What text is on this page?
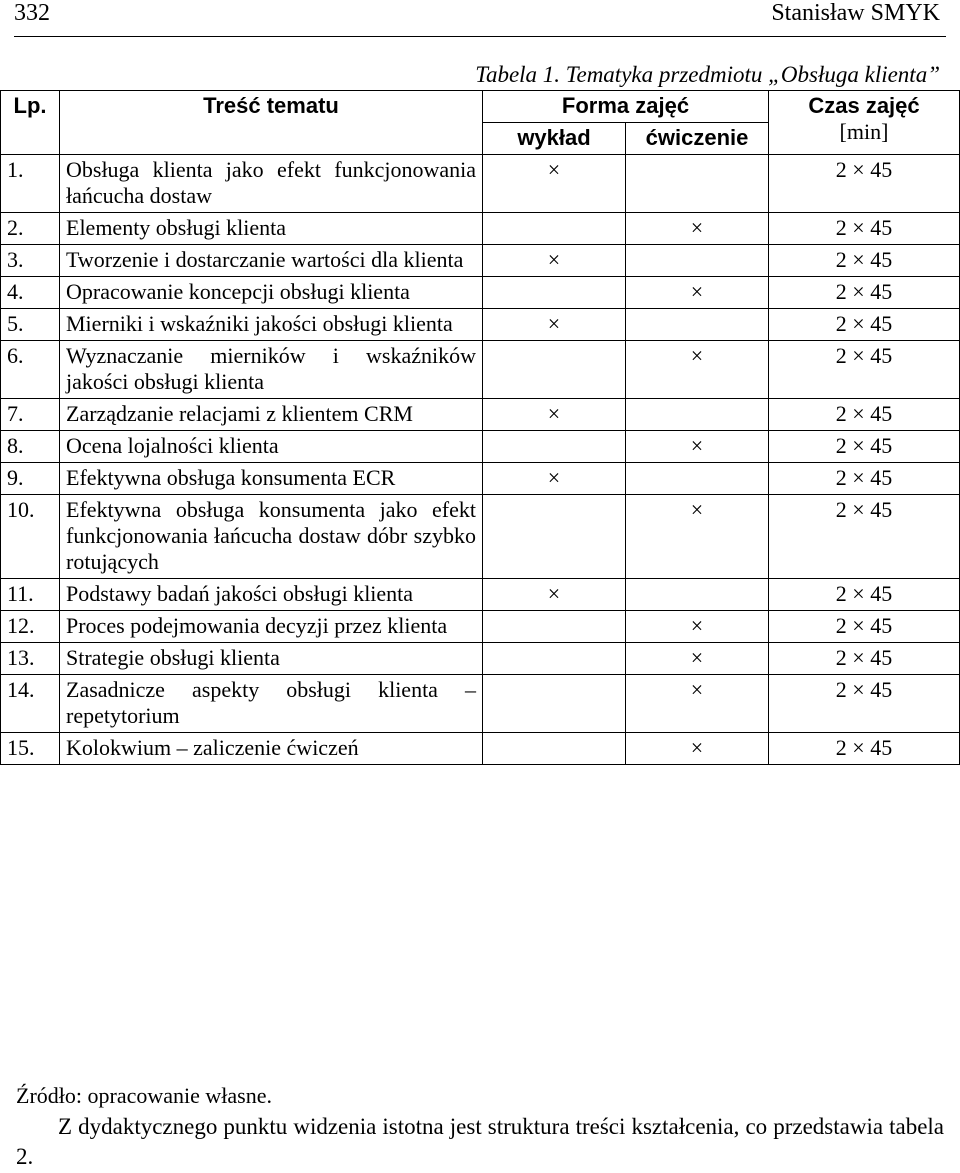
332	Stanisław SMYK
Tabela 1. Tematyka przedmiotu „Obsługa klienta”
Lp.	Treść tematu	Forma zajęć		Czas zajęć
[min]

		wykład	ćwiczenie	
1.	Obsługa klienta jako efekt funkcjonowania łańcucha dostaw	×		2 × 45
2.	Elementy obsługi klienta		×	2 × 45
3.	Tworzenie i dostarczanie wartości dla klienta	×		2 × 45
4.	Opracowanie koncepcji obsługi klienta		×	2 × 45
5.	Mierniki i wskaźniki jakości obsługi klienta	×		2 × 45
6.	Wyznaczanie mierników i wskaźników jakości obsługi klienta		×	2 × 45
7.	Zarządzanie relacjami z klientem CRM	×		2 × 45
8.	Ocena lojalności klienta		×	2 × 45
9.	Efektywna obsługa konsumenta ECR	×		2 × 45
10.	Efektywna obsługa konsumenta jako efekt funkcjonowania łańcucha dostaw dóbr szybko rotujących		×	2 × 45
11.	Podstawy badań jakości obsługi klienta	×		2 × 45
12.	Proces podejmowania decyzji przez klienta		×	2 × 45
13.	Strategie obsługi klienta		×	2 × 45
14.	Zasadnicze aspekty obsługi klienta – repetytorium		×	2 × 45
15.	Kolokwium – zaliczenie ćwiczeń		×	2 × 45
Źródło: opracowanie własne.
Z dydaktycznego punktu widzenia istotna jest struktura treści kształcenia, co przedstawia tabela 2.
